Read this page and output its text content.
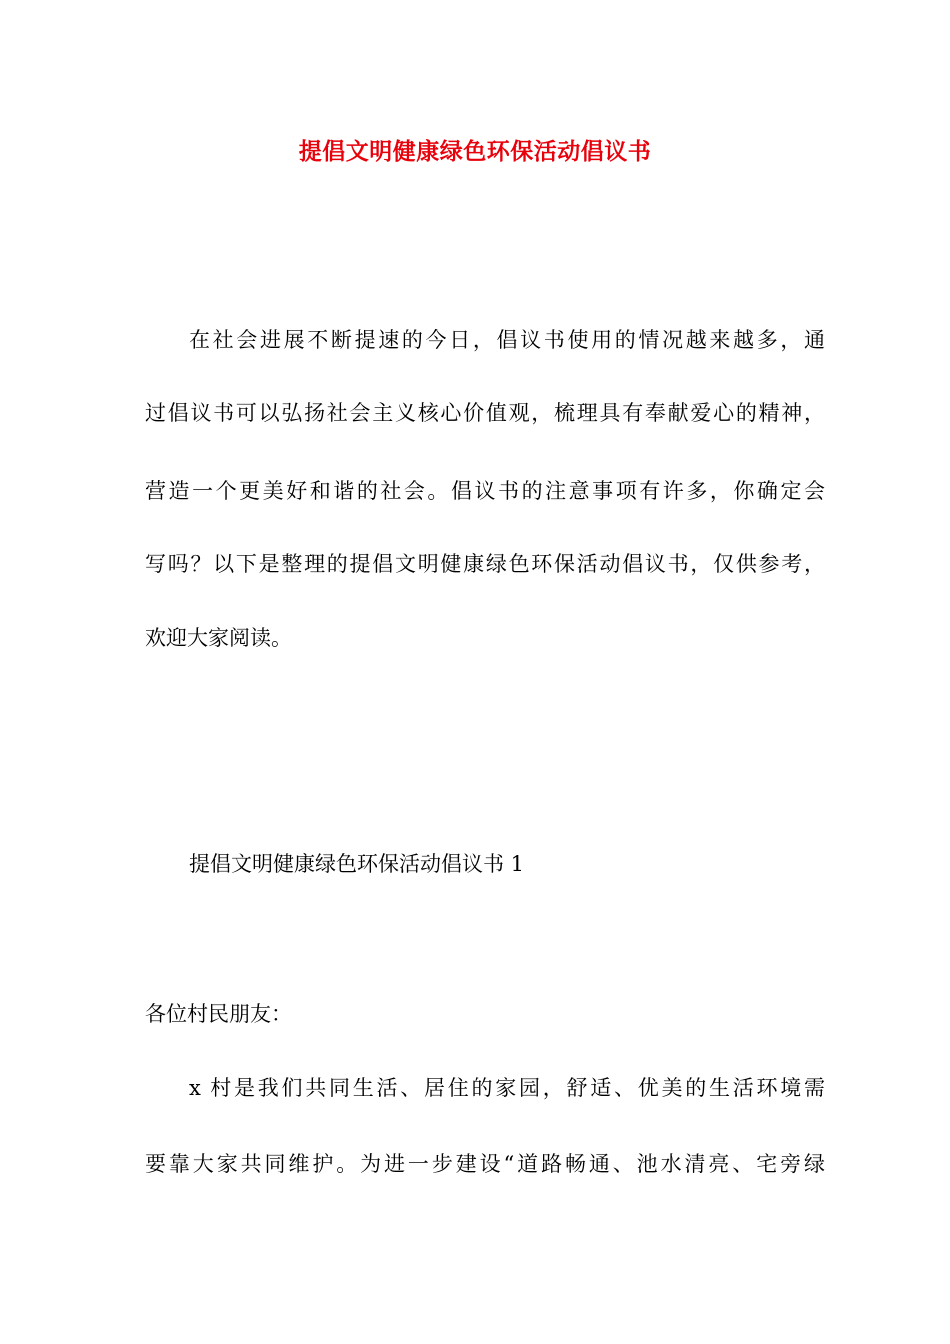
提倡文明健康绿色环保活动倡议书
在社会进展不断提速的今日，倡议书使用的情况越来越多，通
过倡议书可以弘扬社会主义核心价值观，梳理具有奉献爱心的精神，
营造一个更美好和谐的社会。倡议书的注意事项有许多，你确定会
写吗？以下是整理的提倡文明健康绿色环保活动倡议书，仅供参考，
欢迎大家阅读。
提倡文明健康绿色环保活动倡议书 1
各位村民朋友：
x 村是我们共同生活、居住的家园，舒适、优美的生活环境需
要靠大家共同维护。为进一步建设“道路畅通、池水清亮、宅旁绿
